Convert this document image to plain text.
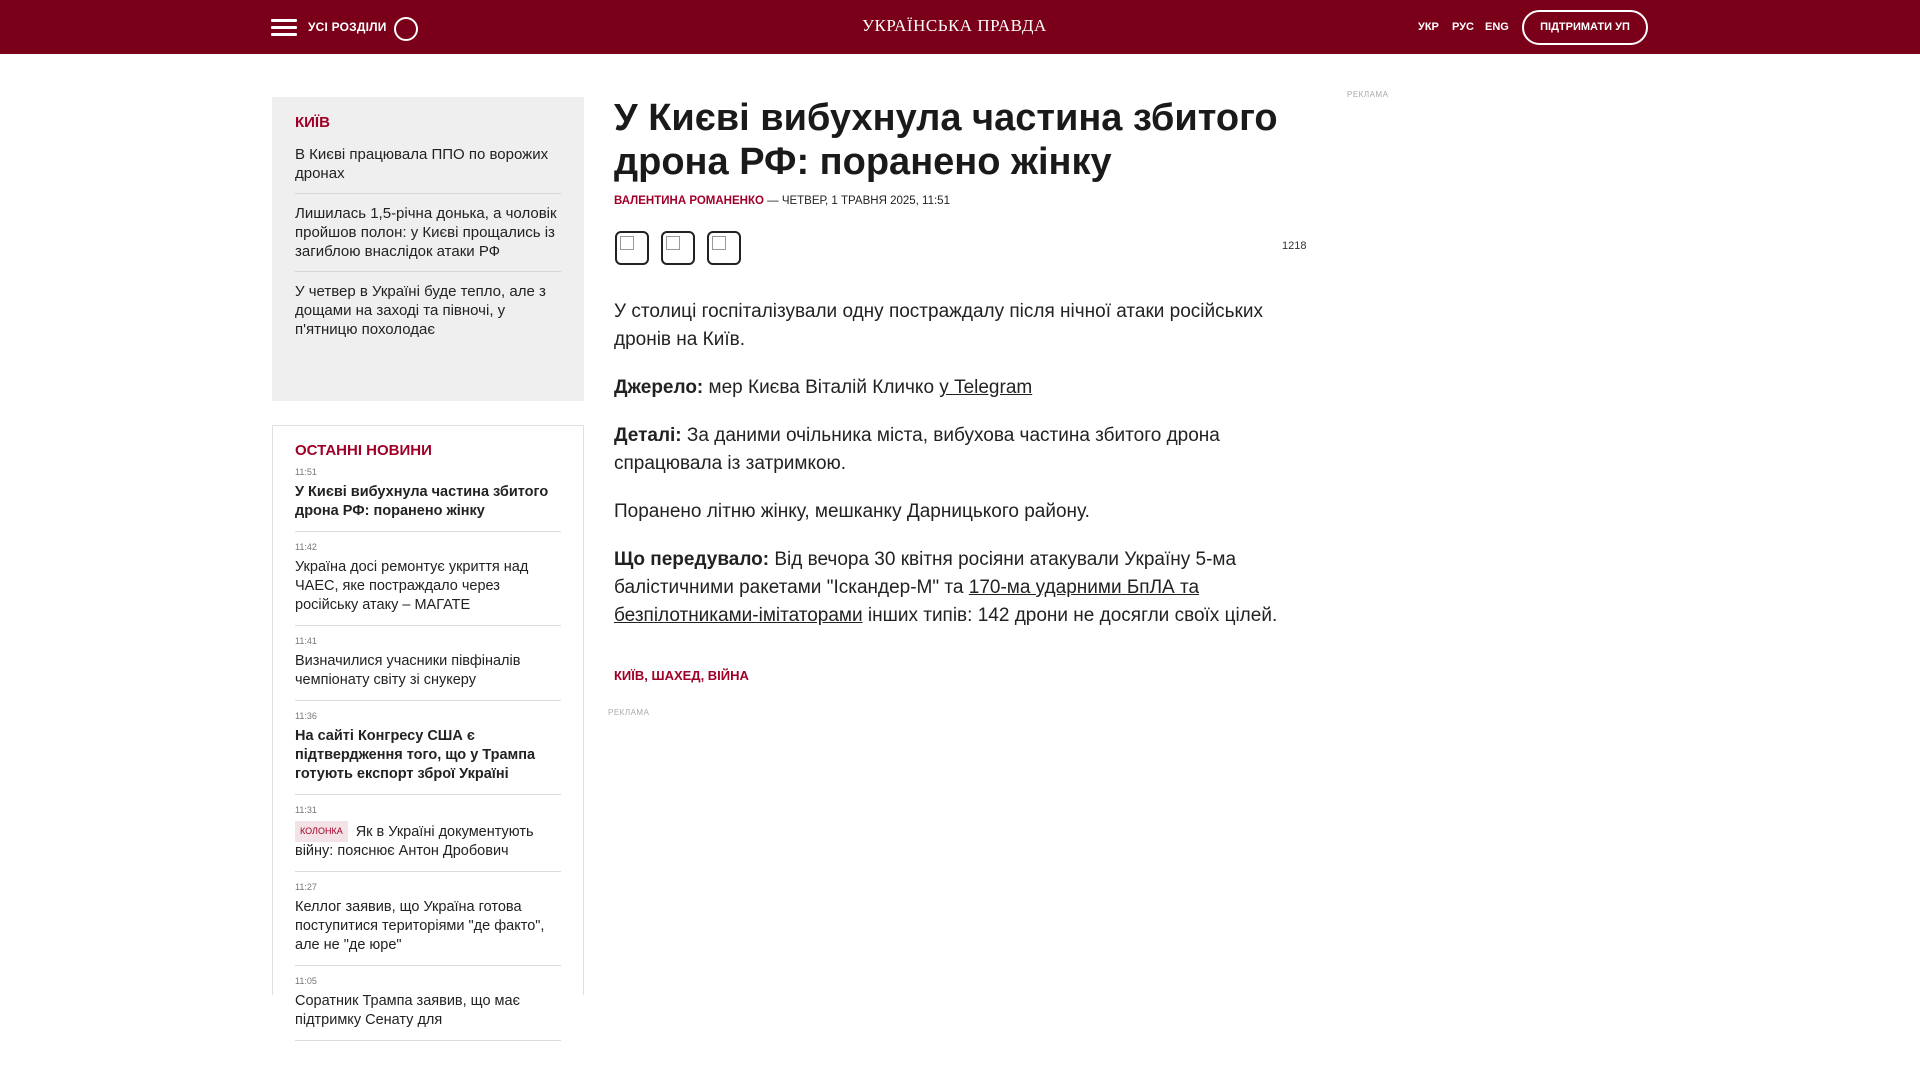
УСІ РОЗДІЛИ	УКРАЇНСЬКА ПРАВДА	УКР РУС ENG	ПІДТРИМАТИ УП
КИЇВ
В Києві працювала ППО по ворожих дронах
Лишилась 1,5-річна донька, а чоловік пройшов полон: у Києві прощались із загиблою внаслідок атаки РФ
У четвер в Україні буде тепло, але з дощами на заході та півночі, у п'ятницю похолодає
ОСТАННІ НОВИНИ
11:51
У Києві вибухнула частина збитого дрона РФ: поранено жінку
11:42
Україна досі ремонтує укриття над ЧАЕС, яке постраждало через російську атаку – МАГАТЕ
11:41
Визначилися учасники півфіналів чемпіонату світу зі снукеру
11:36
На сайті Конгресу США є підтвердження того, що у Трампа готують експорт зброї Україні
11:31
КОЛОНКА Як в Україні документують війну: пояснює Антон Дробович
11:27
Келлог заявив, що Україна готова поступитися територіями "де факто", але не "де юре"
11:05
Соратник Трампа заявив, що має підтримку Сенату для
У Києві вибухнула частина збитого дрона РФ: поранено жінку
ВАЛЕНТИНА РОМАНЕНКО — ЧЕТВЕР, 1 ТРАВНЯ 2025, 11:51
1218

У столиці госпіталізували одну постраждалу після нічної атаки російських дронів на Київ.

Джерело: мер Києва Віталій Кличко у Telegram

Деталі: За даними очільника міста, вибухова частина збитого дрона спрацювала із затримкою.

Поранено літню жінку, мешканку Дарницького району.

Що передувало: Від вечора 30 квітня росіяни атакували Україну 5-ма балістичними ракетами "Іскандер-М" та 170-ма ударними БпЛА та безпілотниками-імітаторами інших типів: 142 дрони не досягли своїх цілей.

КИЇВ, ШАХЕД, ВІЙНА
РЕКЛАМА
РЕКЛАМА
